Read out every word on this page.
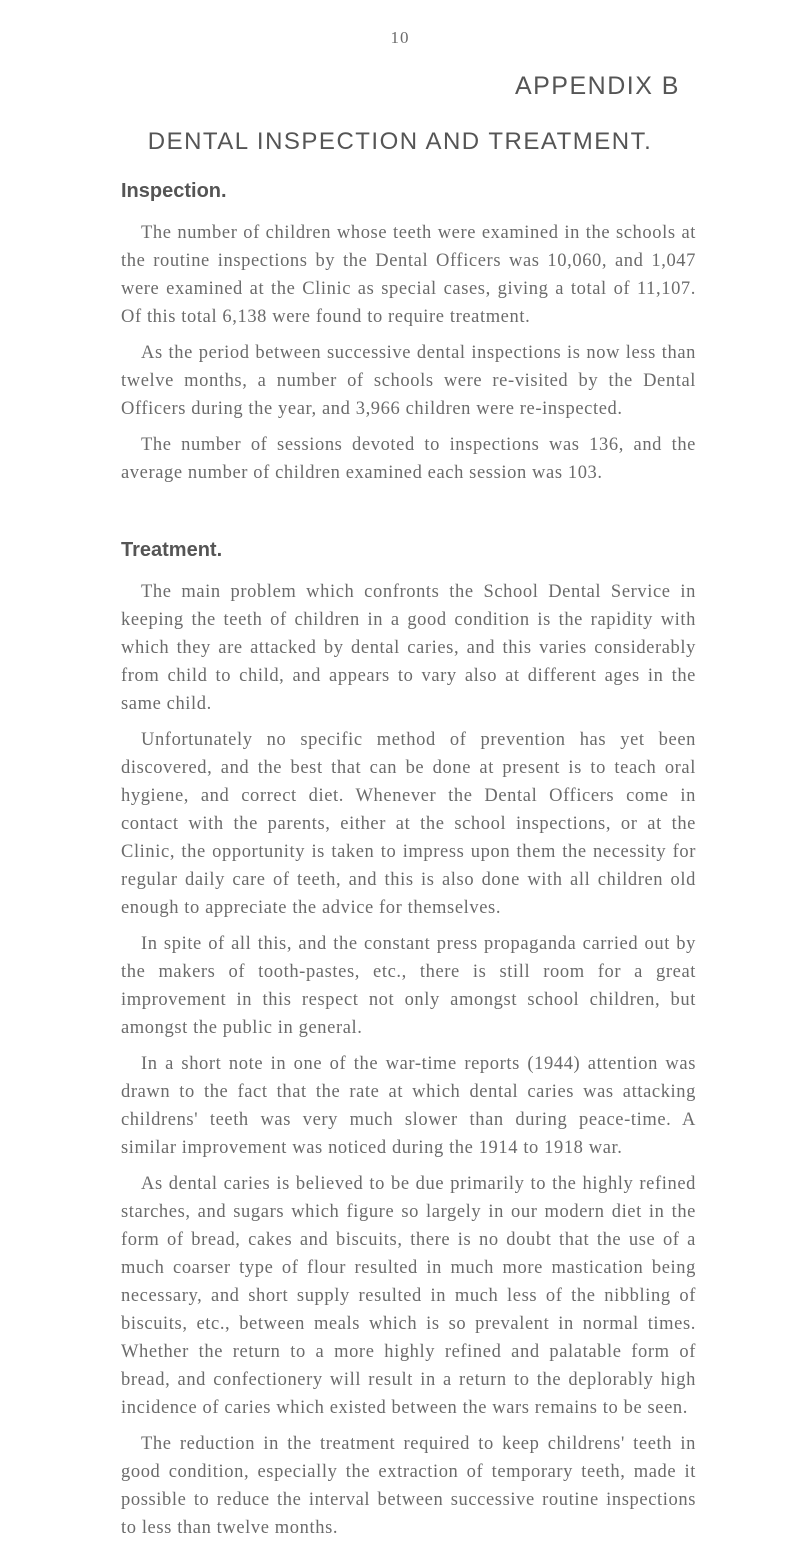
10
APPENDIX B
DENTAL INSPECTION AND TREATMENT.
Inspection.

The number of children whose teeth were examined in the schools at the routine inspections by the Dental Officers was 10,060, and 1,047 were examined at the Clinic as special cases, giving a total of 11,107. Of this total 6,138 were found to require treatment.

As the period between successive dental inspections is now less than twelve months, a number of schools were re-visited by the Dental Officers during the year, and 3,966 children were re-inspected.

The number of sessions devoted to inspections was 136, and the average number of children examined each session was 103.

Treatment.

The main problem which confronts the School Dental Service in keeping the teeth of children in a good condition is the rapidity with which they are attacked by dental caries, and this varies considerably from child to child, and appears to vary also at different ages in the same child.

Unfortunately no specific method of prevention has yet been discovered, and the best that can be done at present is to teach oral hygiene, and correct diet. Whenever the Dental Officers come in contact with the parents, either at the school inspections, or at the Clinic, the opportunity is taken to impress upon them the necessity for regular daily care of teeth, and this is also done with all children old enough to appreciate the advice for themselves.

In spite of all this, and the constant press propaganda carried out by the makers of tooth-pastes, etc., there is still room for a great improvement in this respect not only amongst school children, but amongst the public in general.

In a short note in one of the war-time reports (1944) attention was drawn to the fact that the rate at which dental caries was attacking childrens' teeth was very much slower than during peace-time. A similar improvement was noticed during the 1914 to 1918 war.

As dental caries is believed to be due primarily to the highly refined starches, and sugars which figure so largely in our modern diet in the form of bread, cakes and biscuits, there is no doubt that the use of a much coarser type of flour resulted in much more mastication being necessary, and short supply resulted in much less of the nibbling of biscuits, etc., between meals which is so prevalent in normal times. Whether the return to a more highly refined and palatable form of bread, and confectionery will result in a return to the deplorably high incidence of caries which existed between the wars remains to be seen.

The reduction in the treatment required to keep childrens' teeth in good condition, especially the extraction of temporary teeth, made it possible to reduce the interval between successive routine inspections to less than twelve months.
